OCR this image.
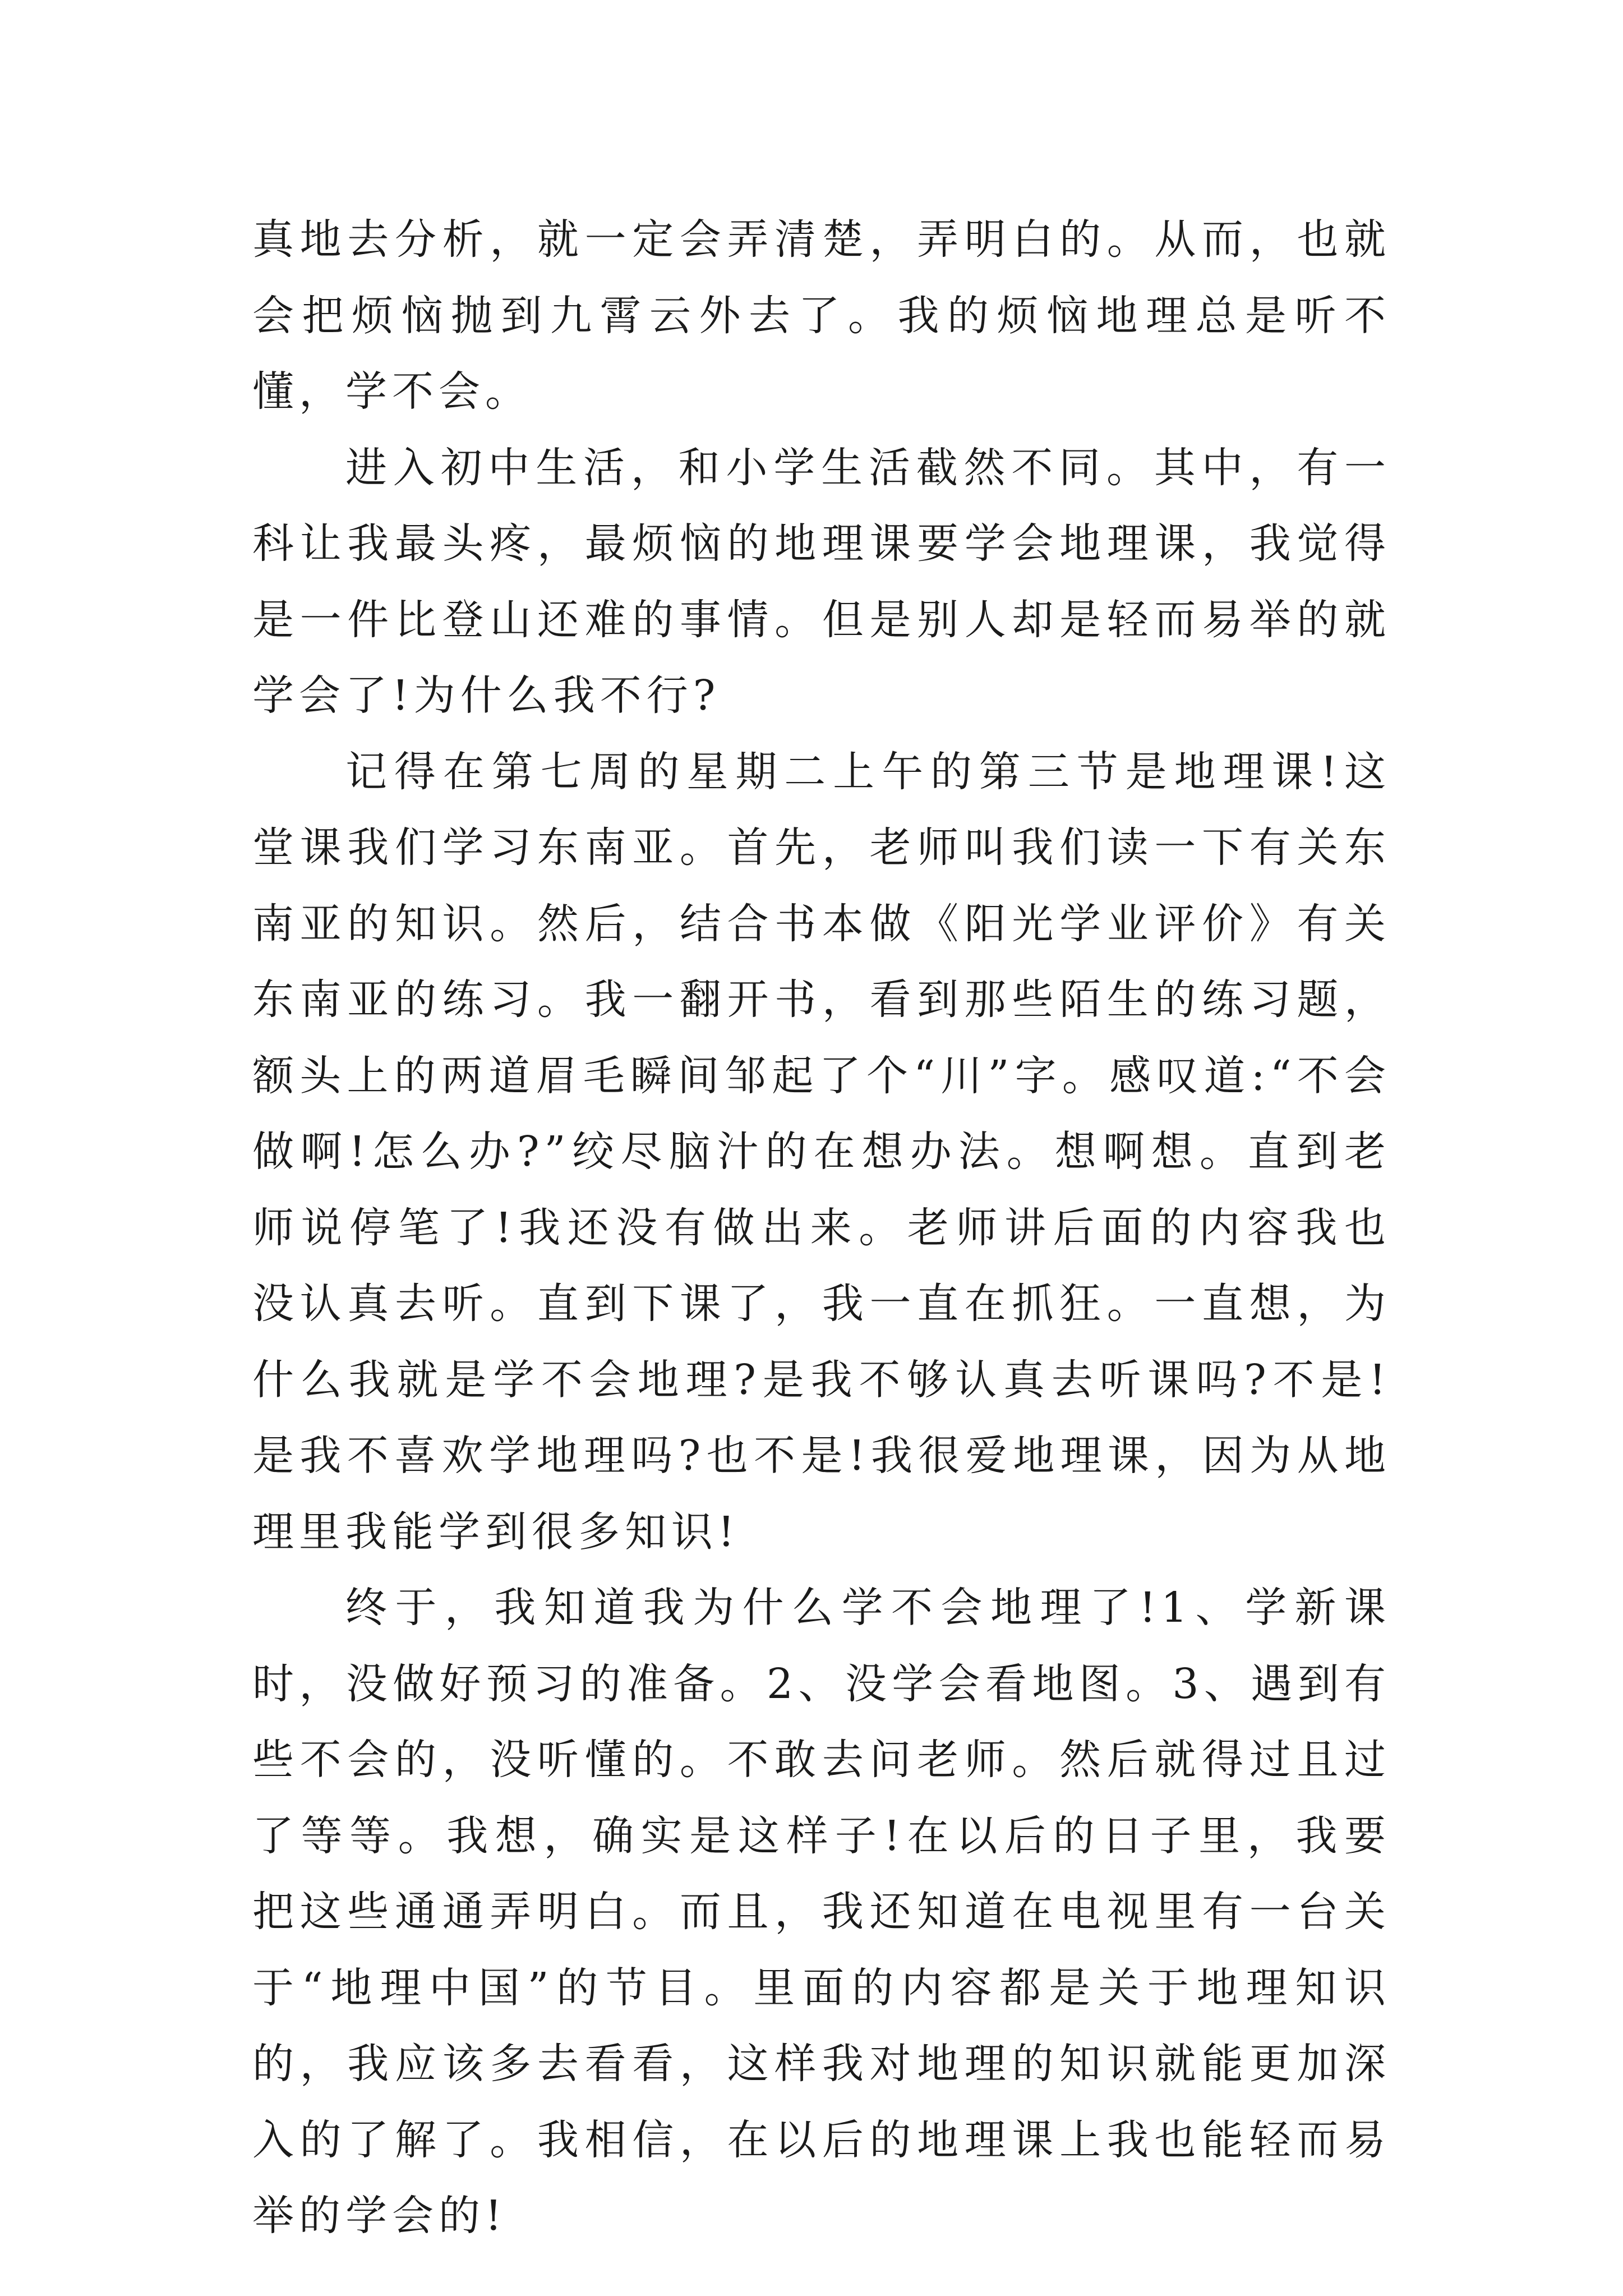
真地去分析，就一定会弄清楚，弄明白的。从而，也就会把烦恼抛到九霄云外去了。我的烦恼地理总是听不懂，学不会。

进入初中生活，和小学生活截然不同。其中，有一科让我最头疼，最烦恼的地理课要学会地理课，我觉得是一件比登山还难的事情。但是别人却是轻而易举的就学会了!为什么我不行?

记得在第七周的星期二上午的第三节是地理课!这堂课我们学习东南亚。首先，老师叫我们读一下有关东南亚的知识。然后，结合书本做《阳光学业评价》有关东南亚的练习。我一翻开书，看到那些陌生的练习题，额头上的两道眉毛瞬间邹起了个“川”字。感叹道:“不会做啊!怎么办?”绞尽脑汁的在想办法。想啊想。直到老师说停笔了!我还没有做出来。老师讲后面的内容我也没认真去听。直到下课了，我一直在抓狂。一直想，为什么我就是学不会地理?是我不够认真去听课吗?不是!是我不喜欢学地理吗?也不是!我很爱地理课，因为从地理里我能学到很多知识!

终于，我知道我为什么学不会地理了!1、学新课时，没做好预习的准备。2、没学会看地图。3、遇到有些不会的，没听懂的。不敢去问老师。然后就得过且过了等等。我想，确实是这样子!在以后的日子里，我要把这些通通弄明白。而且，我还知道在电视里有一台关于“地理中国”的节目。里面的内容都是关于地理知识的，我应该多去看看，这样我对地理的知识就能更加深入的了解了。我相信，在以后的地理课上我也能轻而易举的学会的!
